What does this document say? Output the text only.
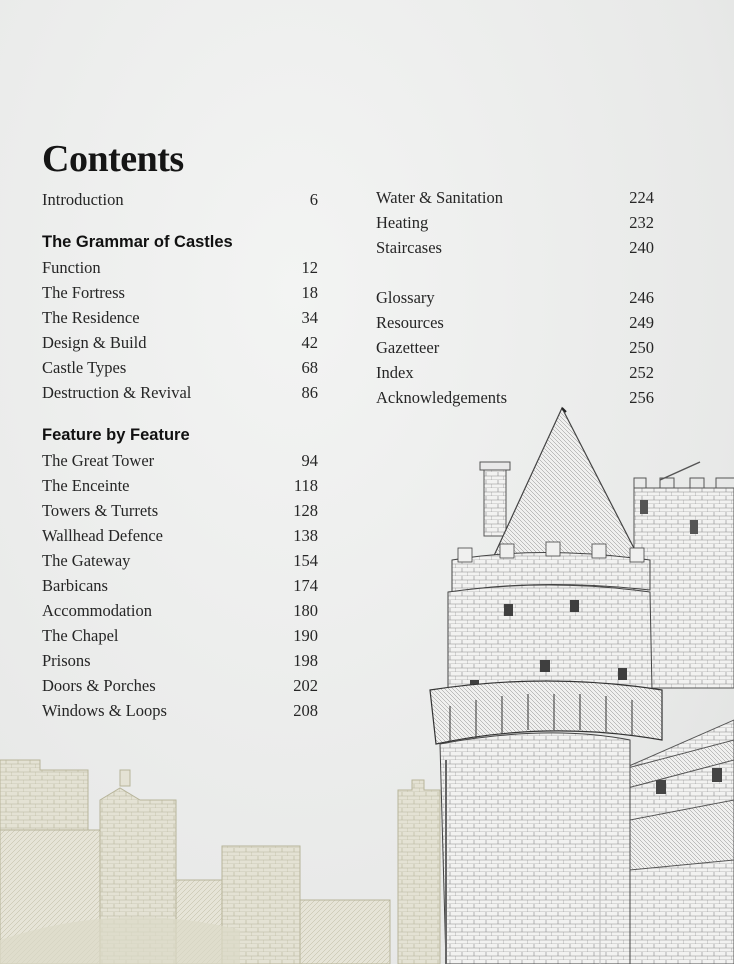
Contents
Introduction	6
The Grammar of Castles
Function	12
The Fortress	18
The Residence	34
Design & Build	42
Castle Types	68
Destruction & Revival	86
Feature by Feature
The Great Tower	94
The Enceinte	118
Towers & Turrets	128
Wallhead Defence	138
The Gateway	154
Barbicans	174
Accommodation	180
The Chapel	190
Prisons	198
Doors & Porches	202
Windows & Loops	208
Water & Sanitation	224
Heating	232
Staircases	240
Glossary	246
Resources	249
Gazetteer	250
Index	252
Acknowledgements	256
